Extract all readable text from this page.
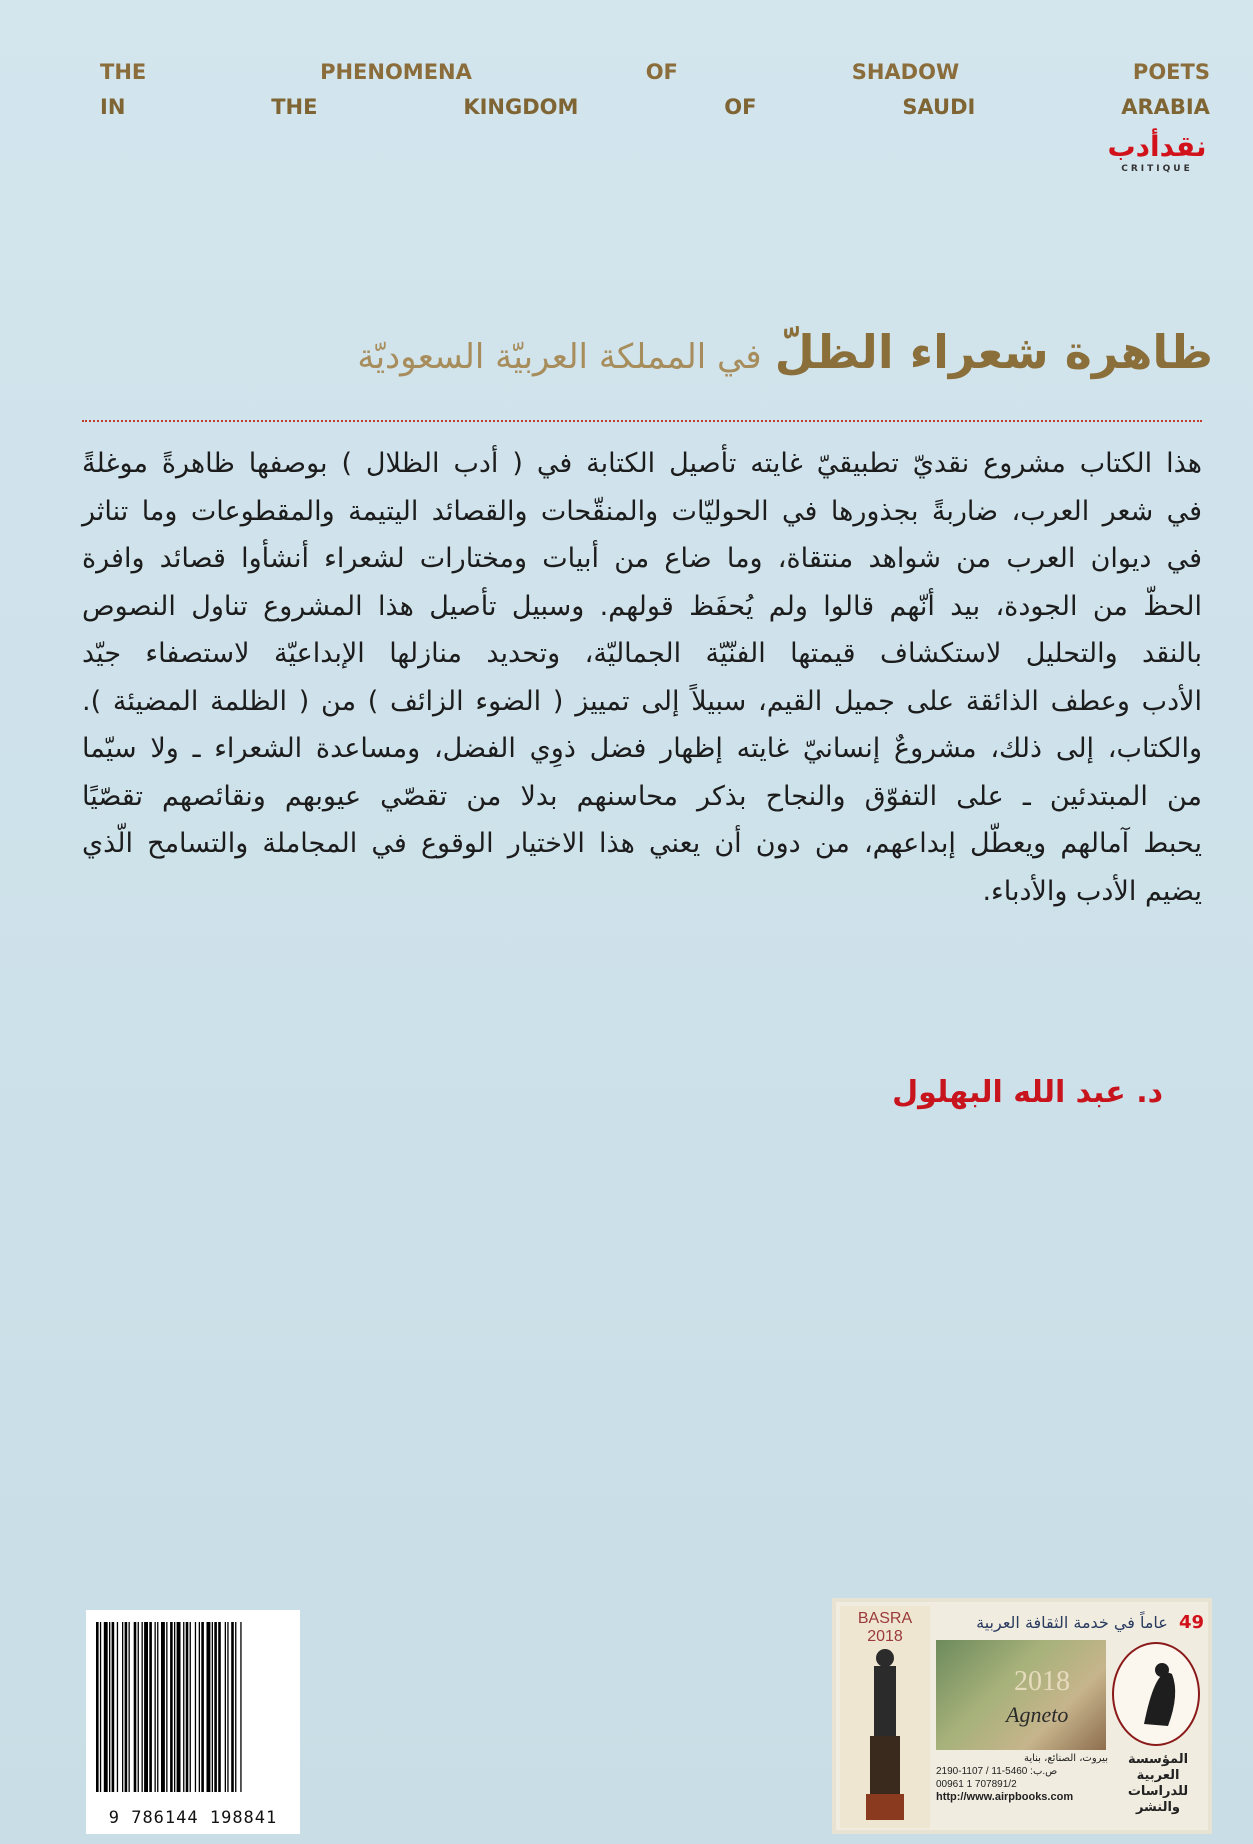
THE	PHENOMENA	OF	SHADOW	POETS
IN	THE	KINGDOM	OF	SAUDI	ARABIA
نقدأدب
CRITIQUE
ظاهرة شعراء الظلّ في المملكة العربيّة السعوديّة
هذا الكتاب مشروع نقديّ تطبيقيّ غايته تأصيل الكتابة في ( أدب الظلال ) بوصفها ظاهرةً موغلةً
في شعر العرب، ضاربةً بجذورها في الحوليّات والمنقّحات والقصائد اليتيمة والمقطوعات وما تناثر
في ديوان العرب من شواهد منتقاة، وما ضاع من أبيات ومختارات لشعراء أنشأوا قصائد وافرة
الحظّ من الجودة، بيد أنّهم قالوا ولم يُحفَظ قولهم. وسبيل تأصيل هذا المشروع تناول النصوص
بالنقد والتحليل لاستكشاف قيمتها الفنّيّة الجماليّة، وتحديد منازلها الإبداعيّة لاستصفاء جيّد
الأدب وعطف الذائقة على جميل القيم، سبيلاً إلى تمييز ( الضوء الزائف ) من ( الظلمة المضيئة ).
والكتاب، إلى ذلك، مشروعٌ إنسانيّ غايته إظهار فضل ذوِي الفضل، ومساعدة الشعراء ـ ولا سيّما
من المبتدئين ـ على التفوّق والنجاح بذكر محاسنهم بدلا من تقصّي عيوبهم ونقائصهم تقصّيًا
يحبط آمالهم ويعطّل إبداعهم، من دون أن يعني هذا الاختيار الوقوع في المجاملة والتسامح الّذي
يضيم الأدب والأدباء.
د. عبد الله البهلول
9 786144 198841
BASRA
2018
49 عاماً في خدمة الثقافة العربية
2018
Agneto
المؤسسة
العربية
للدراسات
والنشر
بيروت، الصنائع، بناية
2190-1107 / 11-5460 :ص.ب
00961 1 707891/2
http://www.airpbooks.com
